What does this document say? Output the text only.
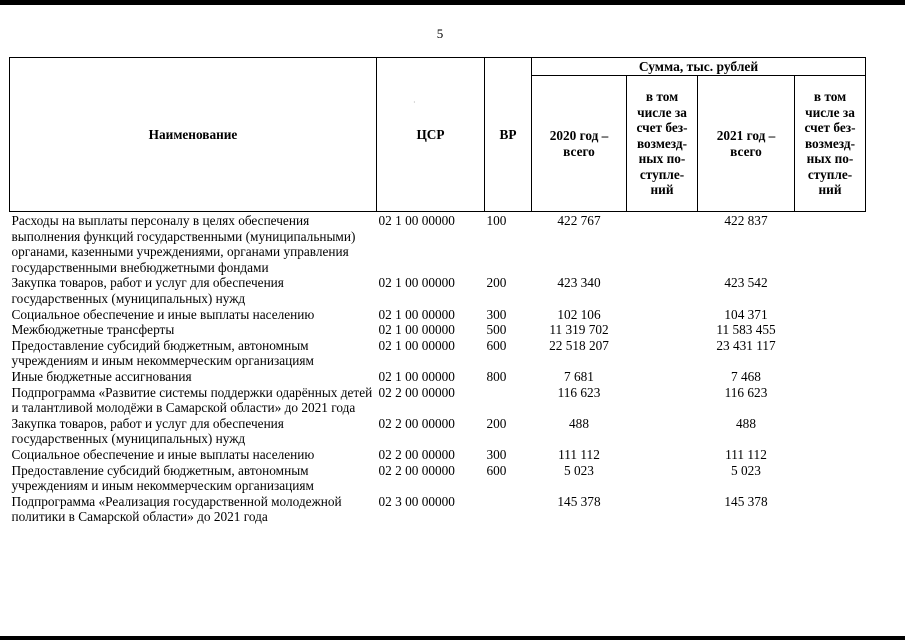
5
·
Наименование	ЦСР	ВР	Сумма, тыс. рублей			
			2020 год – всего	в том числе за счет без-возмезд-ных по-ступле-ний	2021 год – всего	в том числе за счет без-возмезд-ных по-ступле-ний
Расходы на выплаты персоналу в целях обеспечения выполнения функций государственными (муниципальными) органами, казенными учреждениями, органами управления государственными внебюджетными фондами	02 1 00 00000	100	422 767		422 837	
Закупка товаров, работ и услуг для обеспечения государственных (муниципальных) нужд	02 1 00 00000	200	423 340		423 542	
Социальное обеспечение и иные выплаты населению	02 1 00 00000	300	102 106		104 371	
Межбюджетные трансферты	02 1 00 00000	500	11 319 702		11 583 455	
Предоставление субсидий бюджетным, автономным учреждениям и иным некоммерческим организациям	02 1 00 00000	600	22 518 207		23 431 117	
Иные бюджетные ассигнования	02 1 00 00000	800	7 681		7 468	
Подпрограмма «Развитие системы поддержки одарённых детей и талантливой молодёжи в Самарской области» до 2021 года	02 2 00 00000		116 623		116 623	
Закупка товаров, работ и услуг для обеспечения государственных (муниципальных) нужд	02 2 00 00000	200	488		488	
Социальное обеспечение и иные выплаты населению	02 2 00 00000	300	111 112		111 112	
Предоставление субсидий бюджетным, автономным учреждениям и иным некоммерческим организациям	02 2 00 00000	600	5 023		5 023	
Подпрограмма «Реализация государственной молодежной политики в Самарской области» до 2021 года	02 3 00 00000		145 378		145 378	
